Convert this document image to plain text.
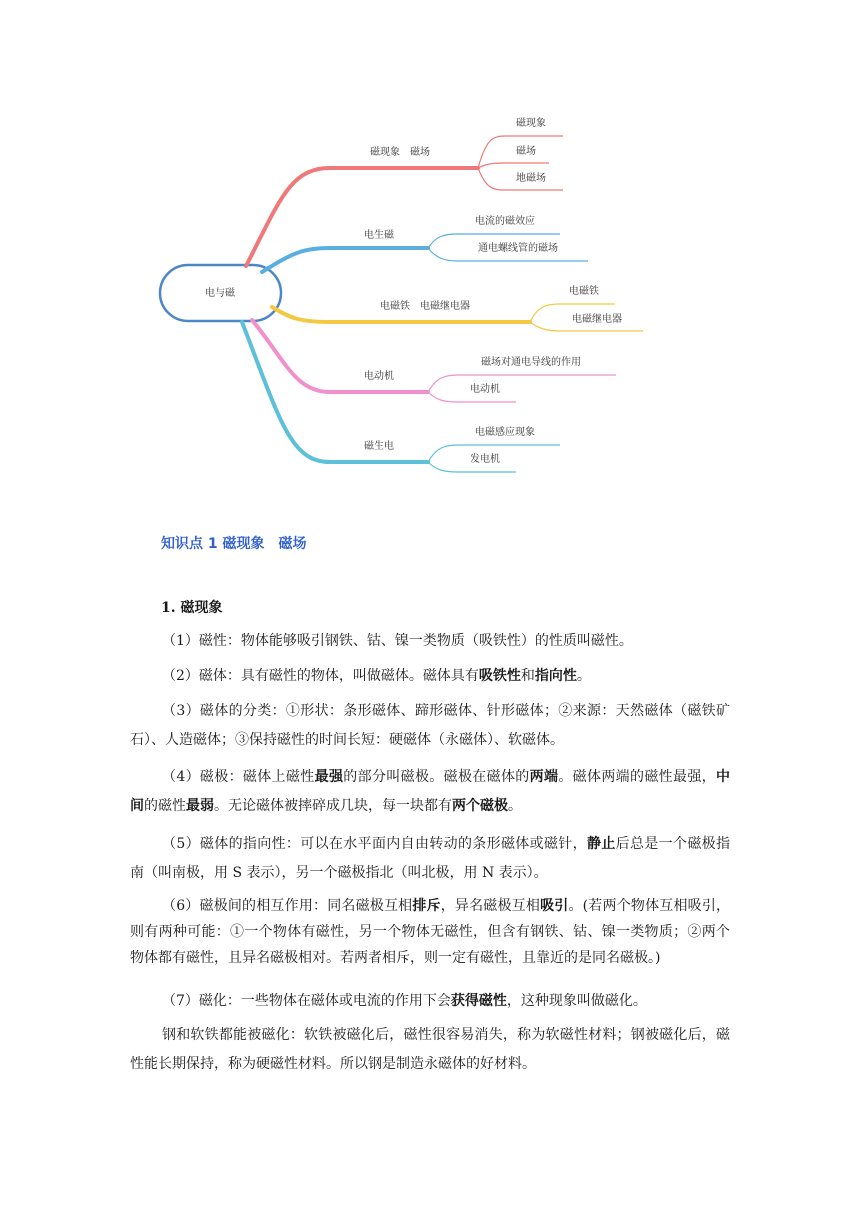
电与磁
磁现象　磁场
磁现象
磁场
地磁场
电生磁
电流的磁效应
通电螺线管的磁场
电磁铁　电磁继电器
电磁铁
电磁继电器
电动机
磁场对通电导线的作用
电动机
磁生电
电磁感应现象
发电机
知识点 1 磁现象　磁场
1. 磁现象

（1）磁性：物体能够吸引钢铁、钴、镍一类物质（吸铁性）的性质叫磁性。

（2）磁体：具有磁性的物体，叫做磁体。磁体具有吸铁性和指向性。

（3）磁体的分类：①形状：条形磁体、蹄形磁体、针形磁体；②来源：天然磁体（磁铁矿石）、人造磁体；③保持磁性的时间长短：硬磁体（永磁体）、软磁体。

（4）磁极：磁体上磁性最强的部分叫磁极。磁极在磁体的两端。磁体两端的磁性最强，中间的磁性最弱。无论磁体被摔碎成几块，每一块都有两个磁极。

（5）磁体的指向性：可以在水平面内自由转动的条形磁体或磁针，静止后总是一个磁极指南（叫南极，用 S 表示），另一个磁极指北（叫北极，用 N 表示）。

（6）磁极间的相互作用：同名磁极互相排斥，异名磁极互相吸引。(若两个物体互相吸引，则有两种可能：①一个物体有磁性，另一个物体无磁性，但含有钢铁、钴、镍一类物质；②两个物体都有磁性，且异名磁极相对。若两者相斥，则一定有磁性，且靠近的是同名磁极。)

（7）磁化：一些物体在磁体或电流的作用下会获得磁性，这种现象叫做磁化。

钢和软铁都能被磁化：软铁被磁化后，磁性很容易消失，称为软磁性材料；钢被磁化后，磁性能长期保持，称为硬磁性材料。所以钢是制造永磁体的好材料。
